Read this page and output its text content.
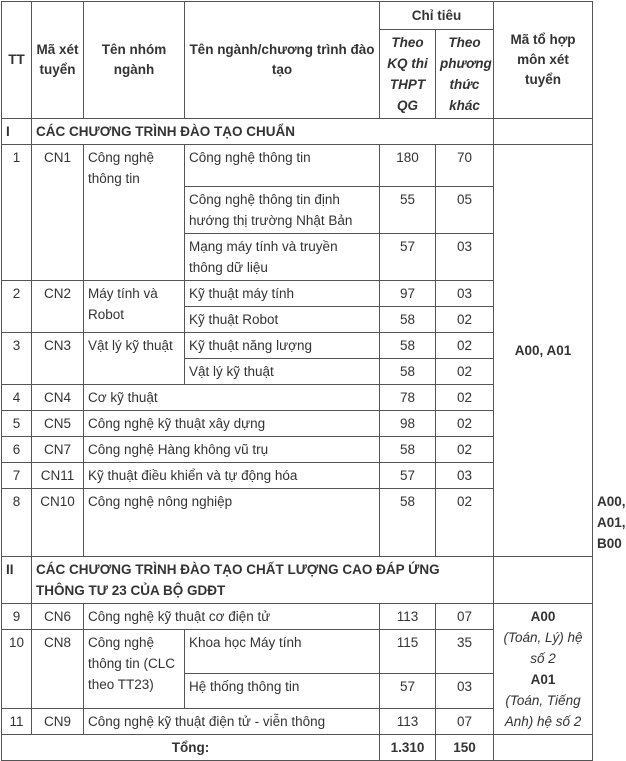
TT	Mã xét tuyển	Tên nhóm ngành	Tên ngành/chương trình đào tạo	Chỉ tiêu		Mã tổ hợp môn xét tuyển	
				Theo KQ thi THPT QG	Theo phương thức khác		
I	CÁC CHƯƠNG TRÌNH ĐÀO TẠO CHUẨN						
1	CN1	Công nghệ thông tin	Công nghệ thông tin	180	70	A00, A01	
			Công nghệ thông tin định hướng thị trường Nhật Bản	55	05		
			Mạng máy tính và truyền thông dữ liệu	57	03		
2	CN2	Máy tính và Robot	Kỹ thuật máy tính	97	03		
			Kỹ thuật Robot	58	02		
3	CN3	Vật lý kỹ thuật	Kỹ thuật năng lượng	58	02		
			Vật lý kỹ thuật	58	02		
4	CN4	Cơ kỹ thuật		78	02		
5	CN5	Công nghệ kỹ thuật xây dựng		98	02		
6	CN7	Công nghệ Hàng không vũ trụ		58	02		
7	CN11	Kỹ thuật điều khiển và tự động hóa		57	03		
8	CN10	Công nghệ nông nghiệp		58	02		A00, A01, B00
II	CÁC CHƯƠNG TRÌNH ĐÀO TẠO CHẤT LƯỢNG CAO ĐÁP ỨNG THÔNG TƯ 23 CỦA BỘ GDĐT						
9	CN6	Công nghệ kỹ thuật cơ điện tử		113	07	A00
(Toán, Lý) hệ số 2
A01
(Toán, Tiếng Anh) hệ số 2	

10	CN8	Công nghệ thông tin (CLC theo TT23)	Khoa học Máy tính	115	35		
			Hệ thống thông tin	57	03		
11	CN9	Công nghệ kỹ thuật điện tử - viễn thông		113	07		
Tổng:				1.310	150		
